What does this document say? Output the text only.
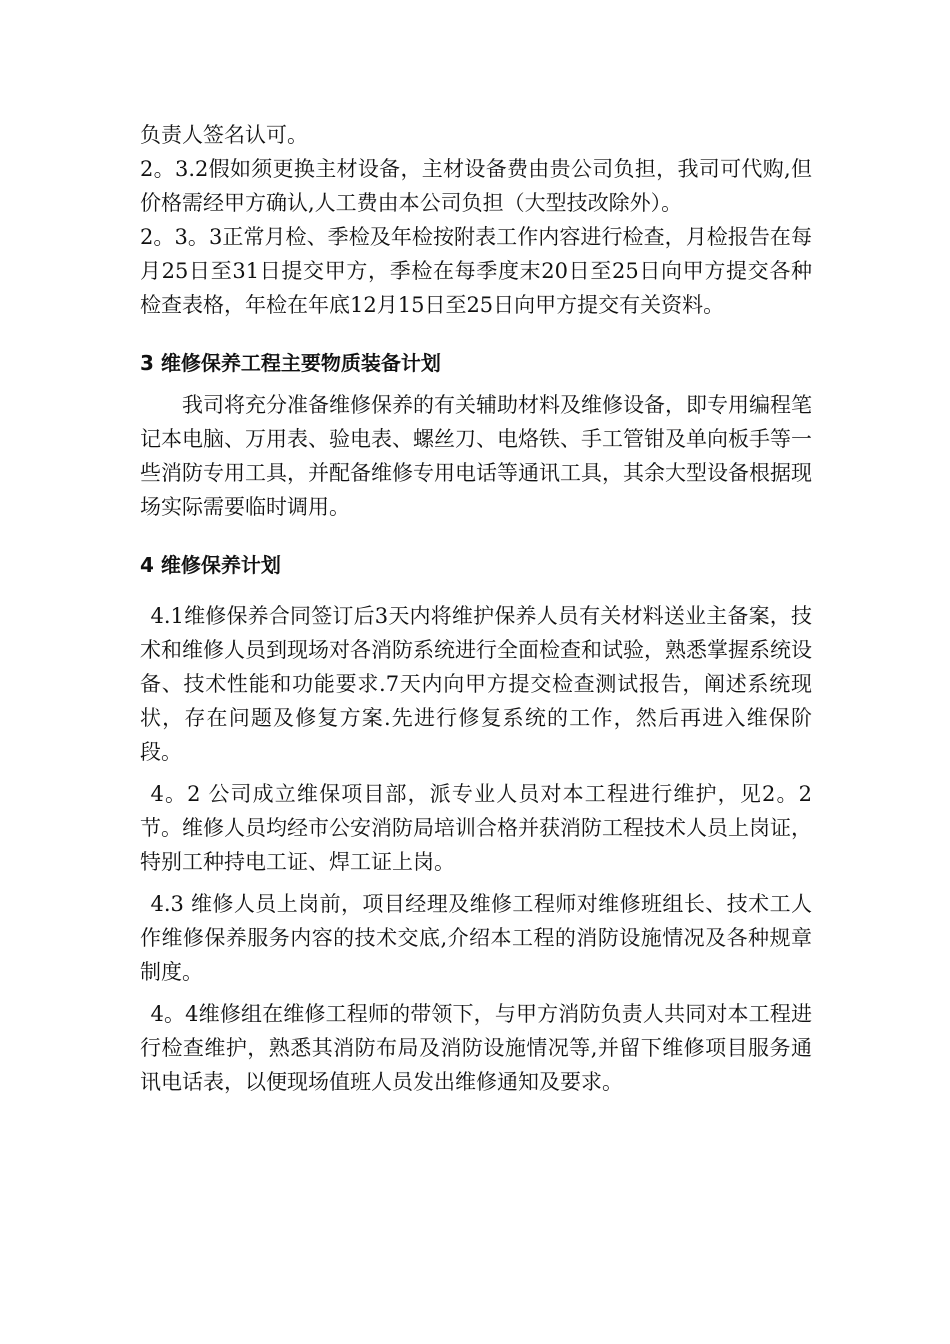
负责人签名认可。

2。3.2假如须更换主材设备，主材设备费由贵公司负担，我司可代购,但价格需经甲方确认,人工费由本公司负担（大型技改除外）。

2。3。3正常月检、季检及年检按附表工作内容进行检查，月检报告在每月25日至31日提交甲方，季检在每季度末20日至25日向甲方提交各种检查表格，年检在年底12月15日至25日向甲方提交有关资料。

3 维修保养工程主要物质装备计划

我司将充分准备维修保养的有关辅助材料及维修设备，即专用编程笔记本电脑、万用表、验电表、螺丝刀、电烙铁、手工管钳及单向板手等一些消防专用工具，并配备维修专用电话等通讯工具，其余大型设备根据现场实际需要临时调用。

4 维修保养计划

4.1维修保养合同签订后3天内将维护保养人员有关材料送业主备案，技术和维修人员到现场对各消防系统进行全面检查和试验，熟悉掌握系统设备、技术性能和功能要求.7天内向甲方提交检查测试报告，阐述系统现状，存在问题及修复方案.先进行修复系统的工作，然后再进入维保阶段。

4。2 公司成立维保项目部，派专业人员对本工程进行维护，见2。2节。维修人员均经市公安消防局培训合格并获消防工程技术人员上岗证，特别工种持电工证、焊工证上岗。

4.3 维修人员上岗前，项目经理及维修工程师对维修班组长、技术工人作维修保养服务内容的技术交底,介绍本工程的消防设施情况及各种规章制度。

4。4维修组在维修工程师的带领下，与甲方消防负责人共同对本工程进行检查维护，熟悉其消防布局及消防设施情况等,并留下维修项目服务通讯电话表，以便现场值班人员发出维修通知及要求。
